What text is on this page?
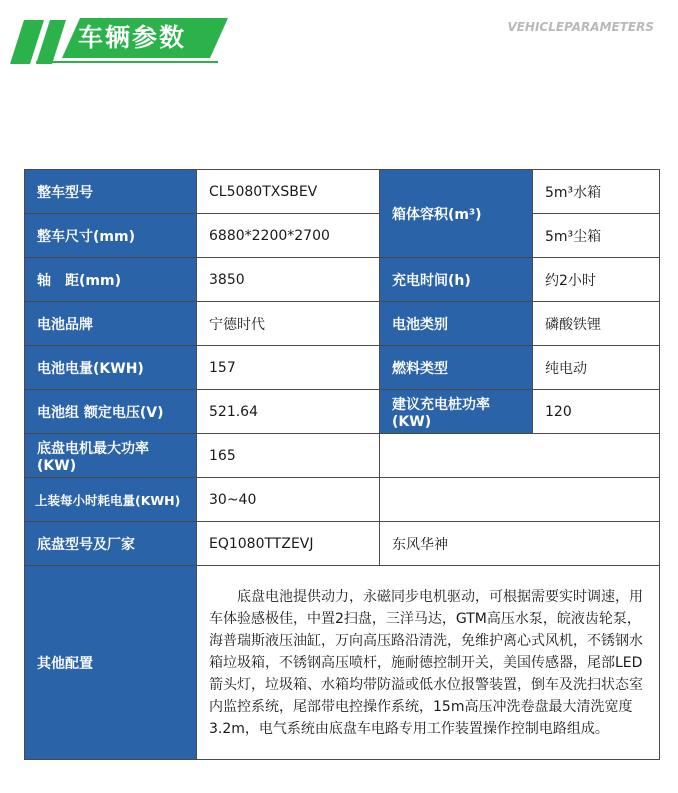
车辆参数	VEHICLEPARAMETERS
整车型号	CL5080TXSBEV	箱体容积(m³)	5m³水箱
整车尺寸(mm)	6880*2200*2700		5m³尘箱
轴　距(mm)	3850	充电时间(h)	约2小时
电池品牌	宁德时代	电池类别	磷酸铁锂
电池电量(KWH)	157	燃料类型	纯电动
电池组 额定电压(V)	521.64	建议充电桩功率(KW)	120
底盘电机最大功率(KW)	165		
上装每小时耗电量(KWH)	30~40		
底盘型号及厂家	EQ1080TTZEVJ	东风华神	
其他配置	底盘电池提供动力，永磁同步电机驱动，可根据需要实时调速，用车体验感极佳，中置2扫盘，三洋马达，GTM高压水泵，皖液齿轮泵，海普瑞斯液压油缸，万向高压路沿清洗，免维护离心式风机，不锈钢水箱垃圾箱，不锈钢高压喷杆，施耐德控制开关，美国传感器，尾部LED箭头灯，垃圾箱、水箱均带防溢或低水位报警装置，倒车及洗扫状态室内监控系统，尾部带电控操作系统，15m高压冲洗卷盘最大清洗宽度3.2m，电气系统由底盘车电路专用工作装置操作控制电路组成。		
